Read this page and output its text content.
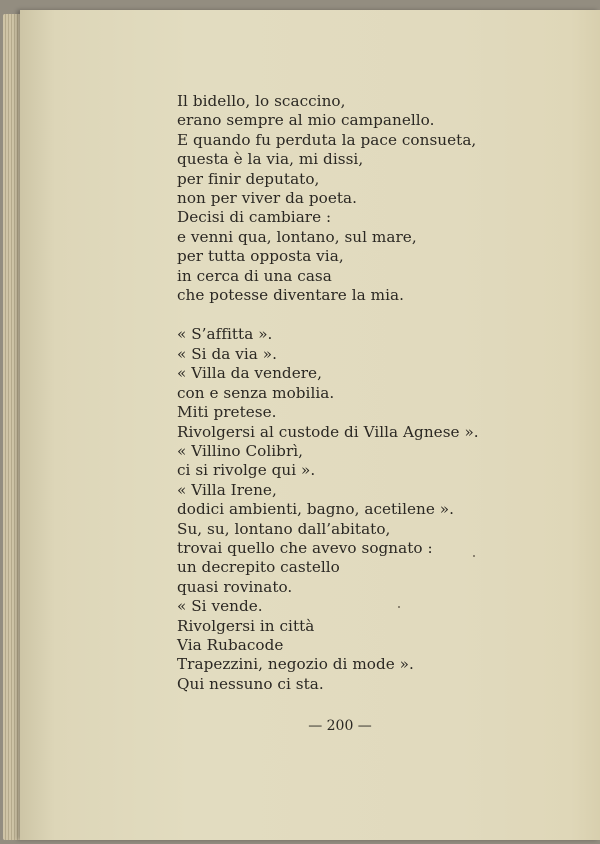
Il bidello, lo scaccino,
erano sempre al mio campanello.
E quando fu perduta la pace consueta,
questa è la via, mi dissi,
per finir deputato,
non per viver da poeta.
Decisi di cambiare :
e venni qua, lontano, sul mare,
per tutta opposta via,
in cerca di una casa
che potesse diventare la mia.
« S’affitta ».
« Si da via ».
« Villa da vendere,
con e senza mobilia.
Miti pretese.
Rivolgersi al custode di Villa Agnese ».
« Villino Colibrì,
ci si rivolge qui ».
« Villa Irene,
dodici ambienti, bagno, acetilene ».
Su, su, lontano dall’abitato,
trovai quello che avevo sognato :
un decrepito castello
quasi rovinato.
« Si vende.
Rivolgersi in città
Via Rubacode
Trapezzini, negozio di mode ».
Qui nessuno ci sta.
— 200 —
